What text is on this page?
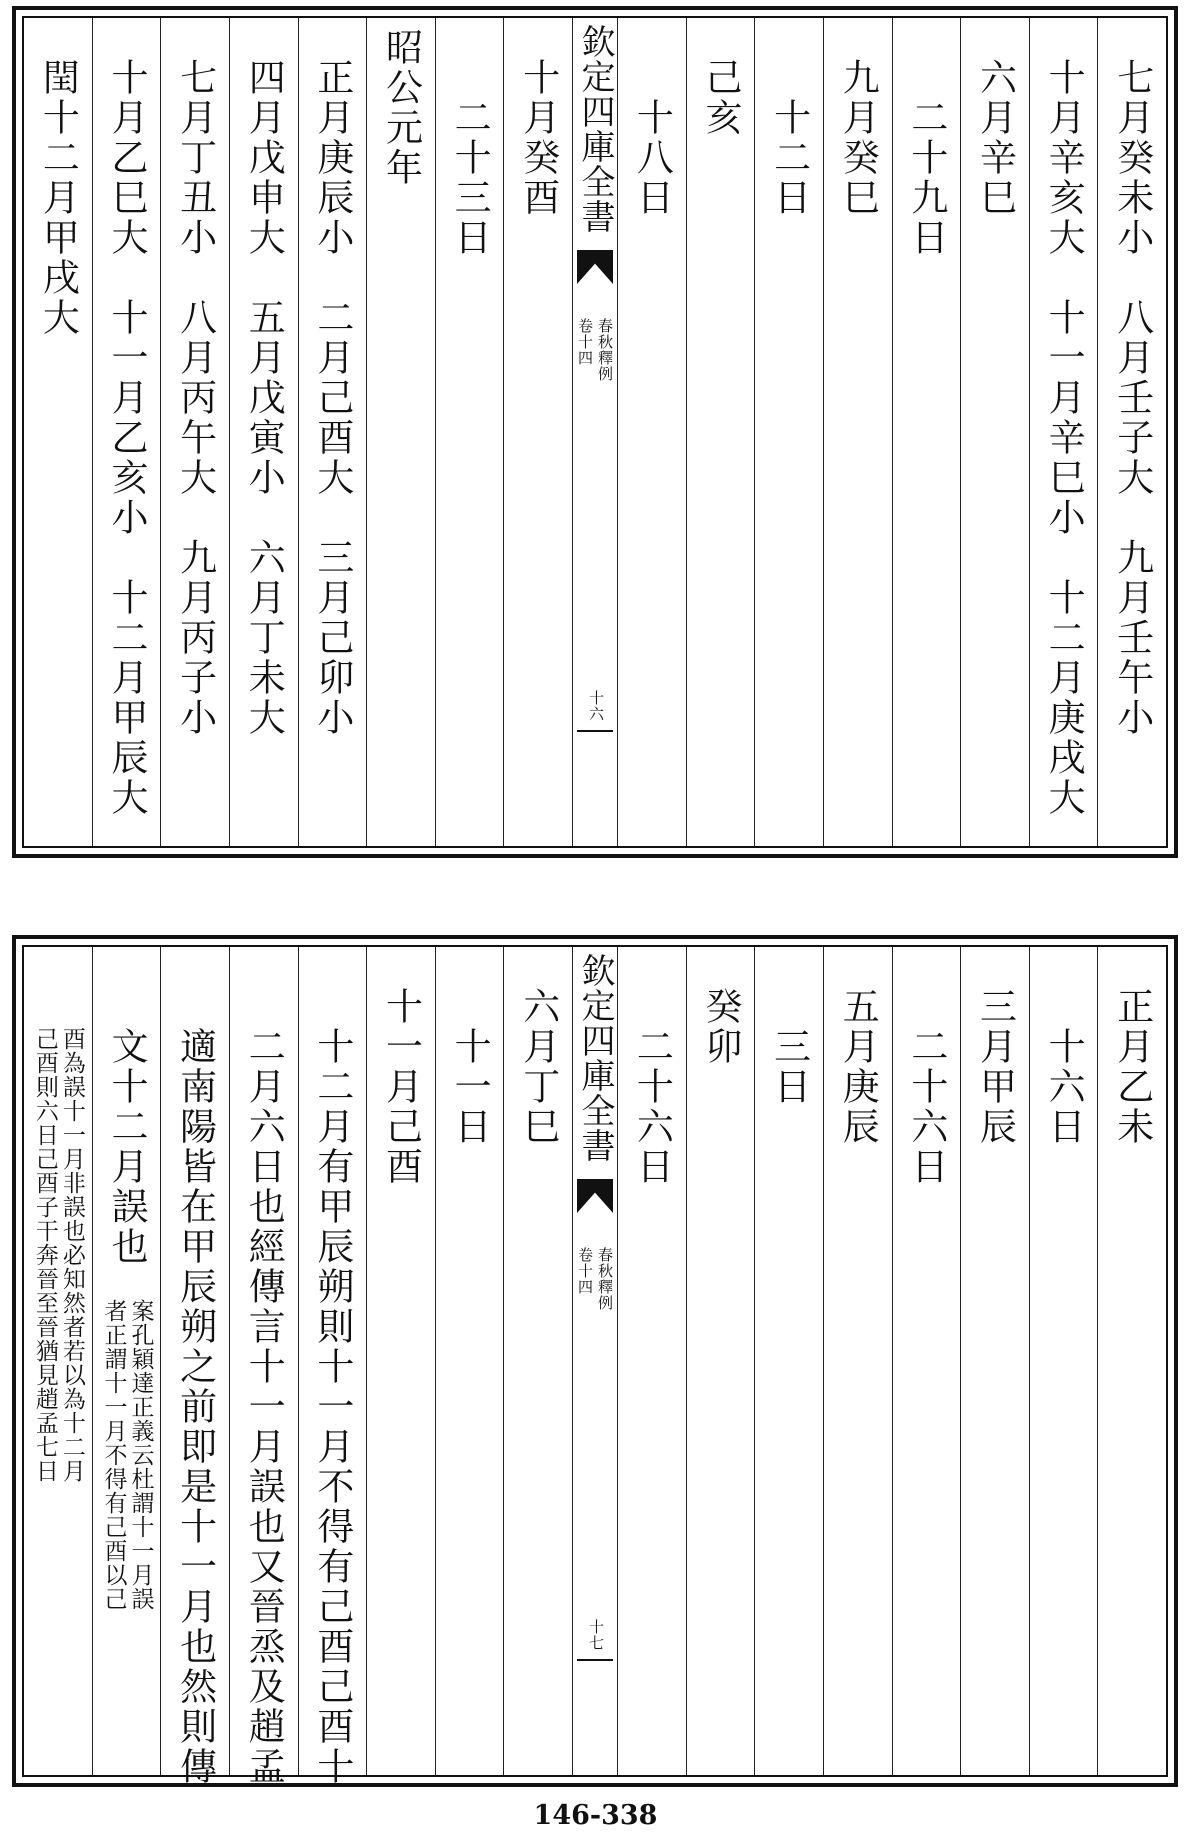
七月癸未小　八月壬子大　九月壬午小
十月辛亥大　十一月辛巳小　十二月庚戌大
六月辛巳
二十九日
九月癸巳
十二日
己亥
十八日
欽定四庫全書
春秋釋例
卷十四
十六
十月癸酉
二十三日
昭公元年
正月庚辰小　二月己酉大　三月己卯小
四月戊申大　五月戊寅小　六月丁未大
七月丁丑小　八月丙午大　九月丙子小
十月乙巳大　十一月乙亥小　十二月甲辰大
閏十二月甲戌大
正月乙未
十六日
三月甲辰
二十六日
五月庚辰
三日
癸卯
二十六日
欽定四庫全書
春秋釋例
卷十四
十七
六月丁巳
十一日
十一月己酉
十二月有甲辰朔則十一月不得有己酉己酉十
二月六日也經傳言十一月誤也又晉烝及趙孟
適南陽皆在甲辰朔之前即是十一月也然則傳
文十二月誤也
案孔穎達正義云杜謂十一月誤
者正謂十一月不得有己酉以己
酉為誤十一月非誤也必知然者若以為十二月
己酉則六日己酉子干奔晉至晉猶見趙孟七日
146-338
